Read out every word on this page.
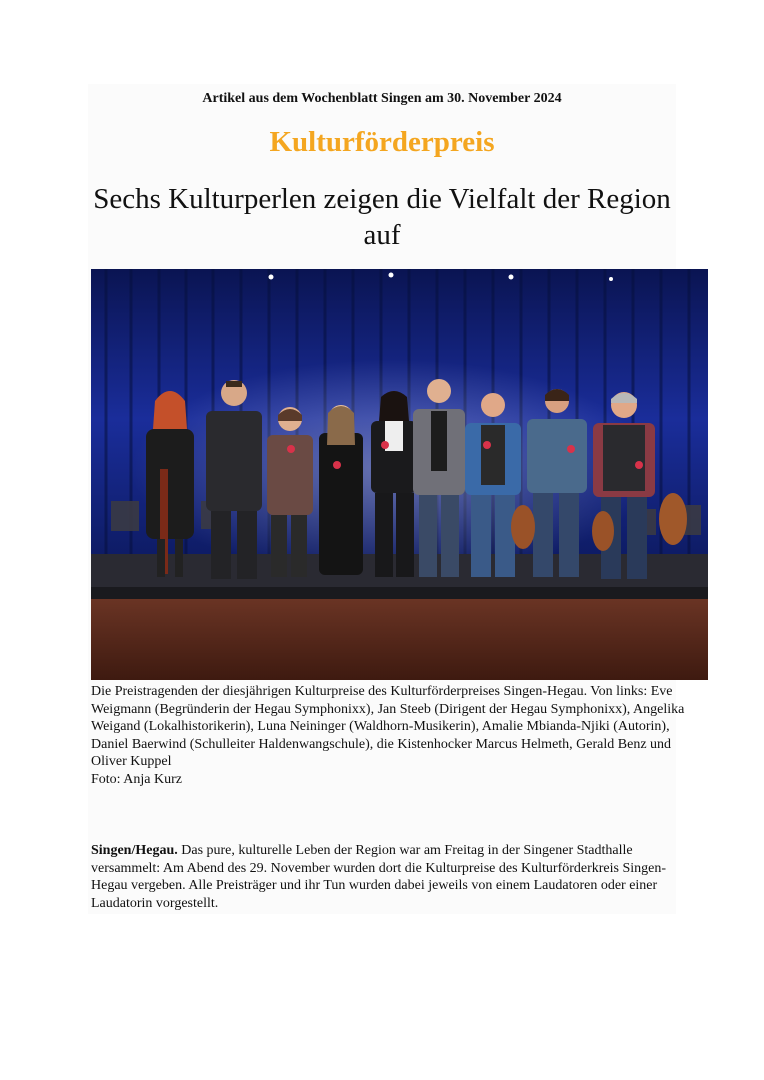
Artikel aus dem Wochenblatt Singen am 30. November 2024
Kulturförderpreis
Sechs Kulturperlen zeigen die Vielfalt der Region auf
Die Preistragenden der diesjährigen Kulturpreise des Kulturförderpreises Singen-Hegau. Von links: Eve Weigmann (Begründerin der Hegau Symphonixx), Jan Steeb (Dirigent der Hegau Symphonixx), Angelika Weigand (Lokalhistorikerin), Luna Neininger (Waldhorn-Musikerin), Amalie Mbianda-Njiki (Autorin), Daniel Baerwind (Schulleiter Haldenwangschule), die Kistenhocker Marcus Helmeth, Gerald Benz und Oliver Kuppel
Foto: Anja Kurz
Singen/Hegau. Das pure, kulturelle Leben der Region war am Freitag in der Singener Stadthalle versammelt: Am Abend des 29. November wurden dort die Kulturpreise des Kulturförderkreis Singen-Hegau vergeben. Alle Preisträger und ihr Tun wurden dabei jeweils von einem Laudatoren oder einer Laudatorin vorgestellt.
